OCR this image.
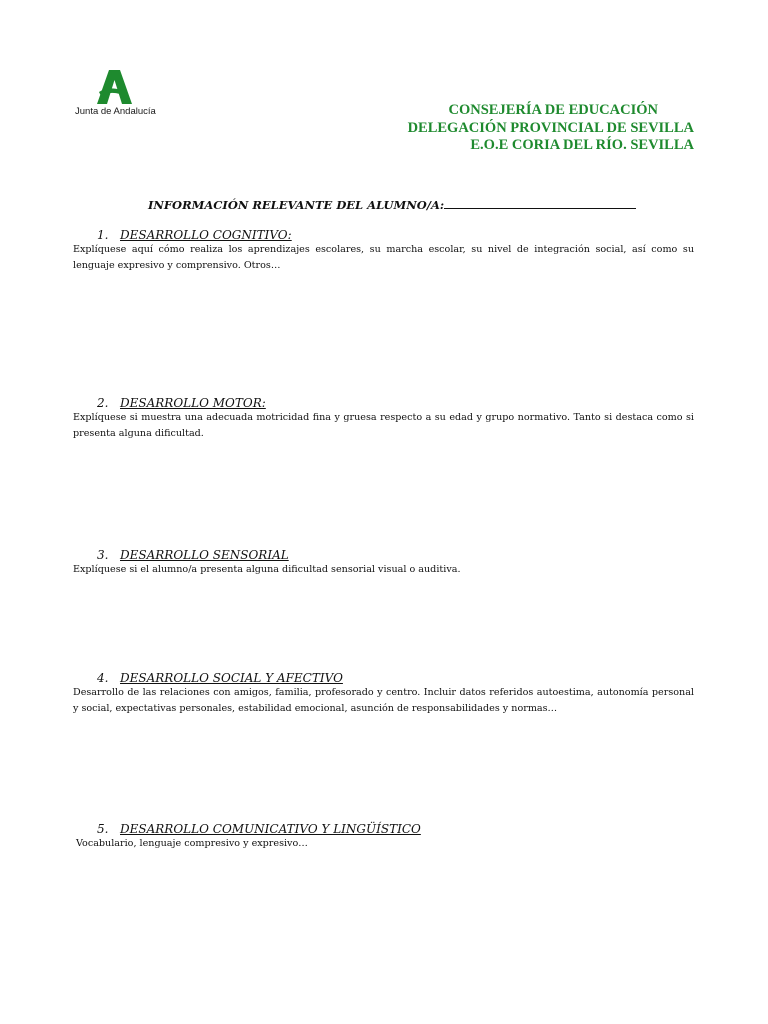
Junta de Andalucía	CONSEJERÍA DE EDUCACIÓN
DELEGACIÓN PROVINCIAL DE SEVILLA
E.O.E CORIA DEL RÍO. SEVILLA
INFORMACIÓN RELEVANTE DEL ALUMNO/A:
1. DESARROLLO COGNITIVO:
Explíquese aquí cómo realiza los aprendizajes escolares, su marcha escolar, su nivel de integración social, así como su lenguaje expresivo y comprensivo. Otros…
2. DESARROLLO MOTOR:
Explíquese si muestra una adecuada motricidad fina y gruesa respecto a su edad y grupo normativo. Tanto si destaca como si presenta alguna dificultad.
3. DESARROLLO SENSORIAL
Explíquese si el alumno/a presenta alguna dificultad sensorial visual o auditiva.
4. DESARROLLO SOCIAL Y AFECTIVO
Desarrollo de las relaciones con amigos, familia, profesorado y centro. Incluir datos referidos autoestima, autonomía personal y social, expectativas personales, estabilidad emocional, asunción de responsabilidades y normas…
5. DESARROLLO COMUNICATIVO Y LINGÜÍSTICO
Vocabulario, lenguaje compresivo y expresivo…
